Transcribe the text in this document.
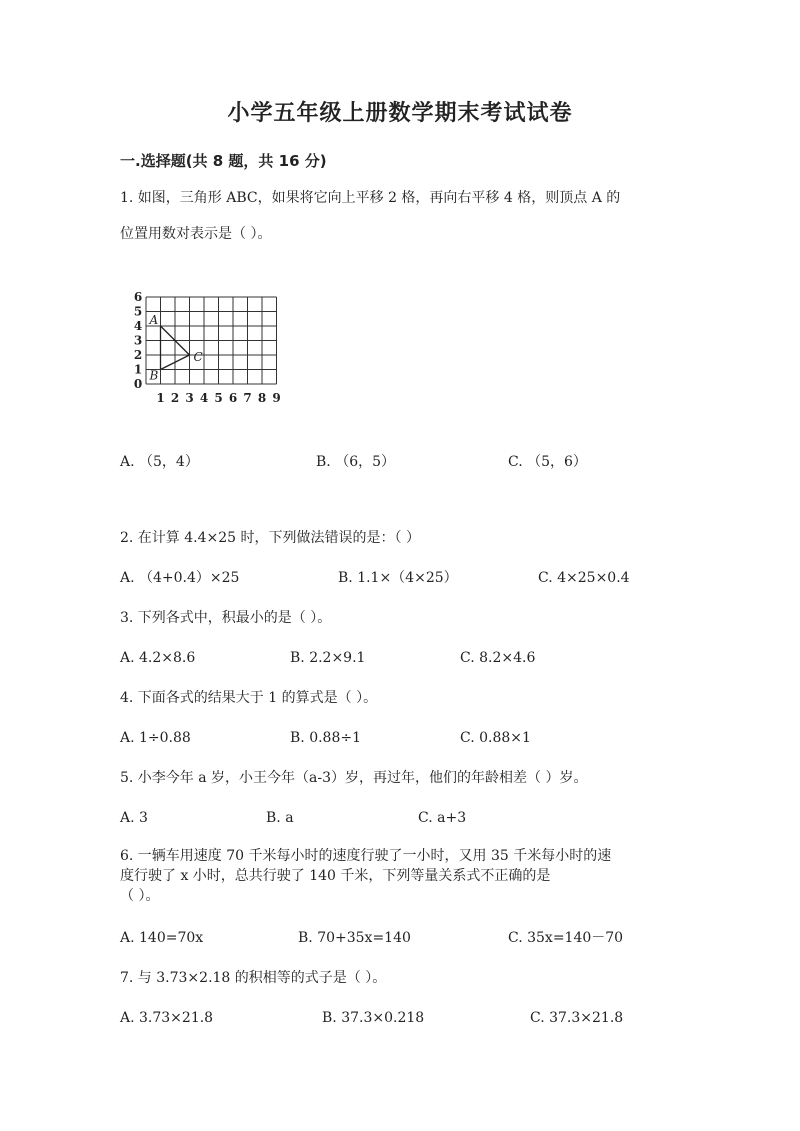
小学五年级上册数学期末考试试卷
一.选择题(共 8 题，共 16 分)
1. 如图，三角形 ABC，如果将它向上平移 2 格，再向右平移 4 格，则顶点 A 的
位置用数对表示是（ ）。
1 2 3 4 5 6 7 8 9
0
1
2
3
4
5
6
A
B
C
A. （5，4）	B. （6，5）	C. （5，6）
2. 在计算 4.4×25 时，下列做法错误的是：（ ）
A. （4+0.4）×25	B. 1.1×（4×25）	C. 4×25×0.4
3. 下列各式中，积最小的是（ ）。
A. 4.2×8.6	B. 2.2×9.1	C. 8.2×4.6
4. 下面各式的结果大于 1 的算式是（ ）。
A. 1÷0.88	B. 0.88÷1	C. 0.88×1
5. 小李今年 a 岁，小王今年（a-3）岁，再过年，他们的年龄相差（ ）岁。
A. 3	B. a	C. a+3
6. 一辆车用速度 70 千米每小时的速度行驶了一小时，又用 35 千米每小时的速
度行驶了 x 小时，总共行驶了 140 千米，下列等量关系式不正确的是
（ ）。
A. 140=70x	B. 70+35x=140	C. 35x=140－70
7. 与 3.73×2.18 的积相等的式子是（ ）。
A. 3.73×21.8	B. 37.3×0.218	C. 37.3×21.8
